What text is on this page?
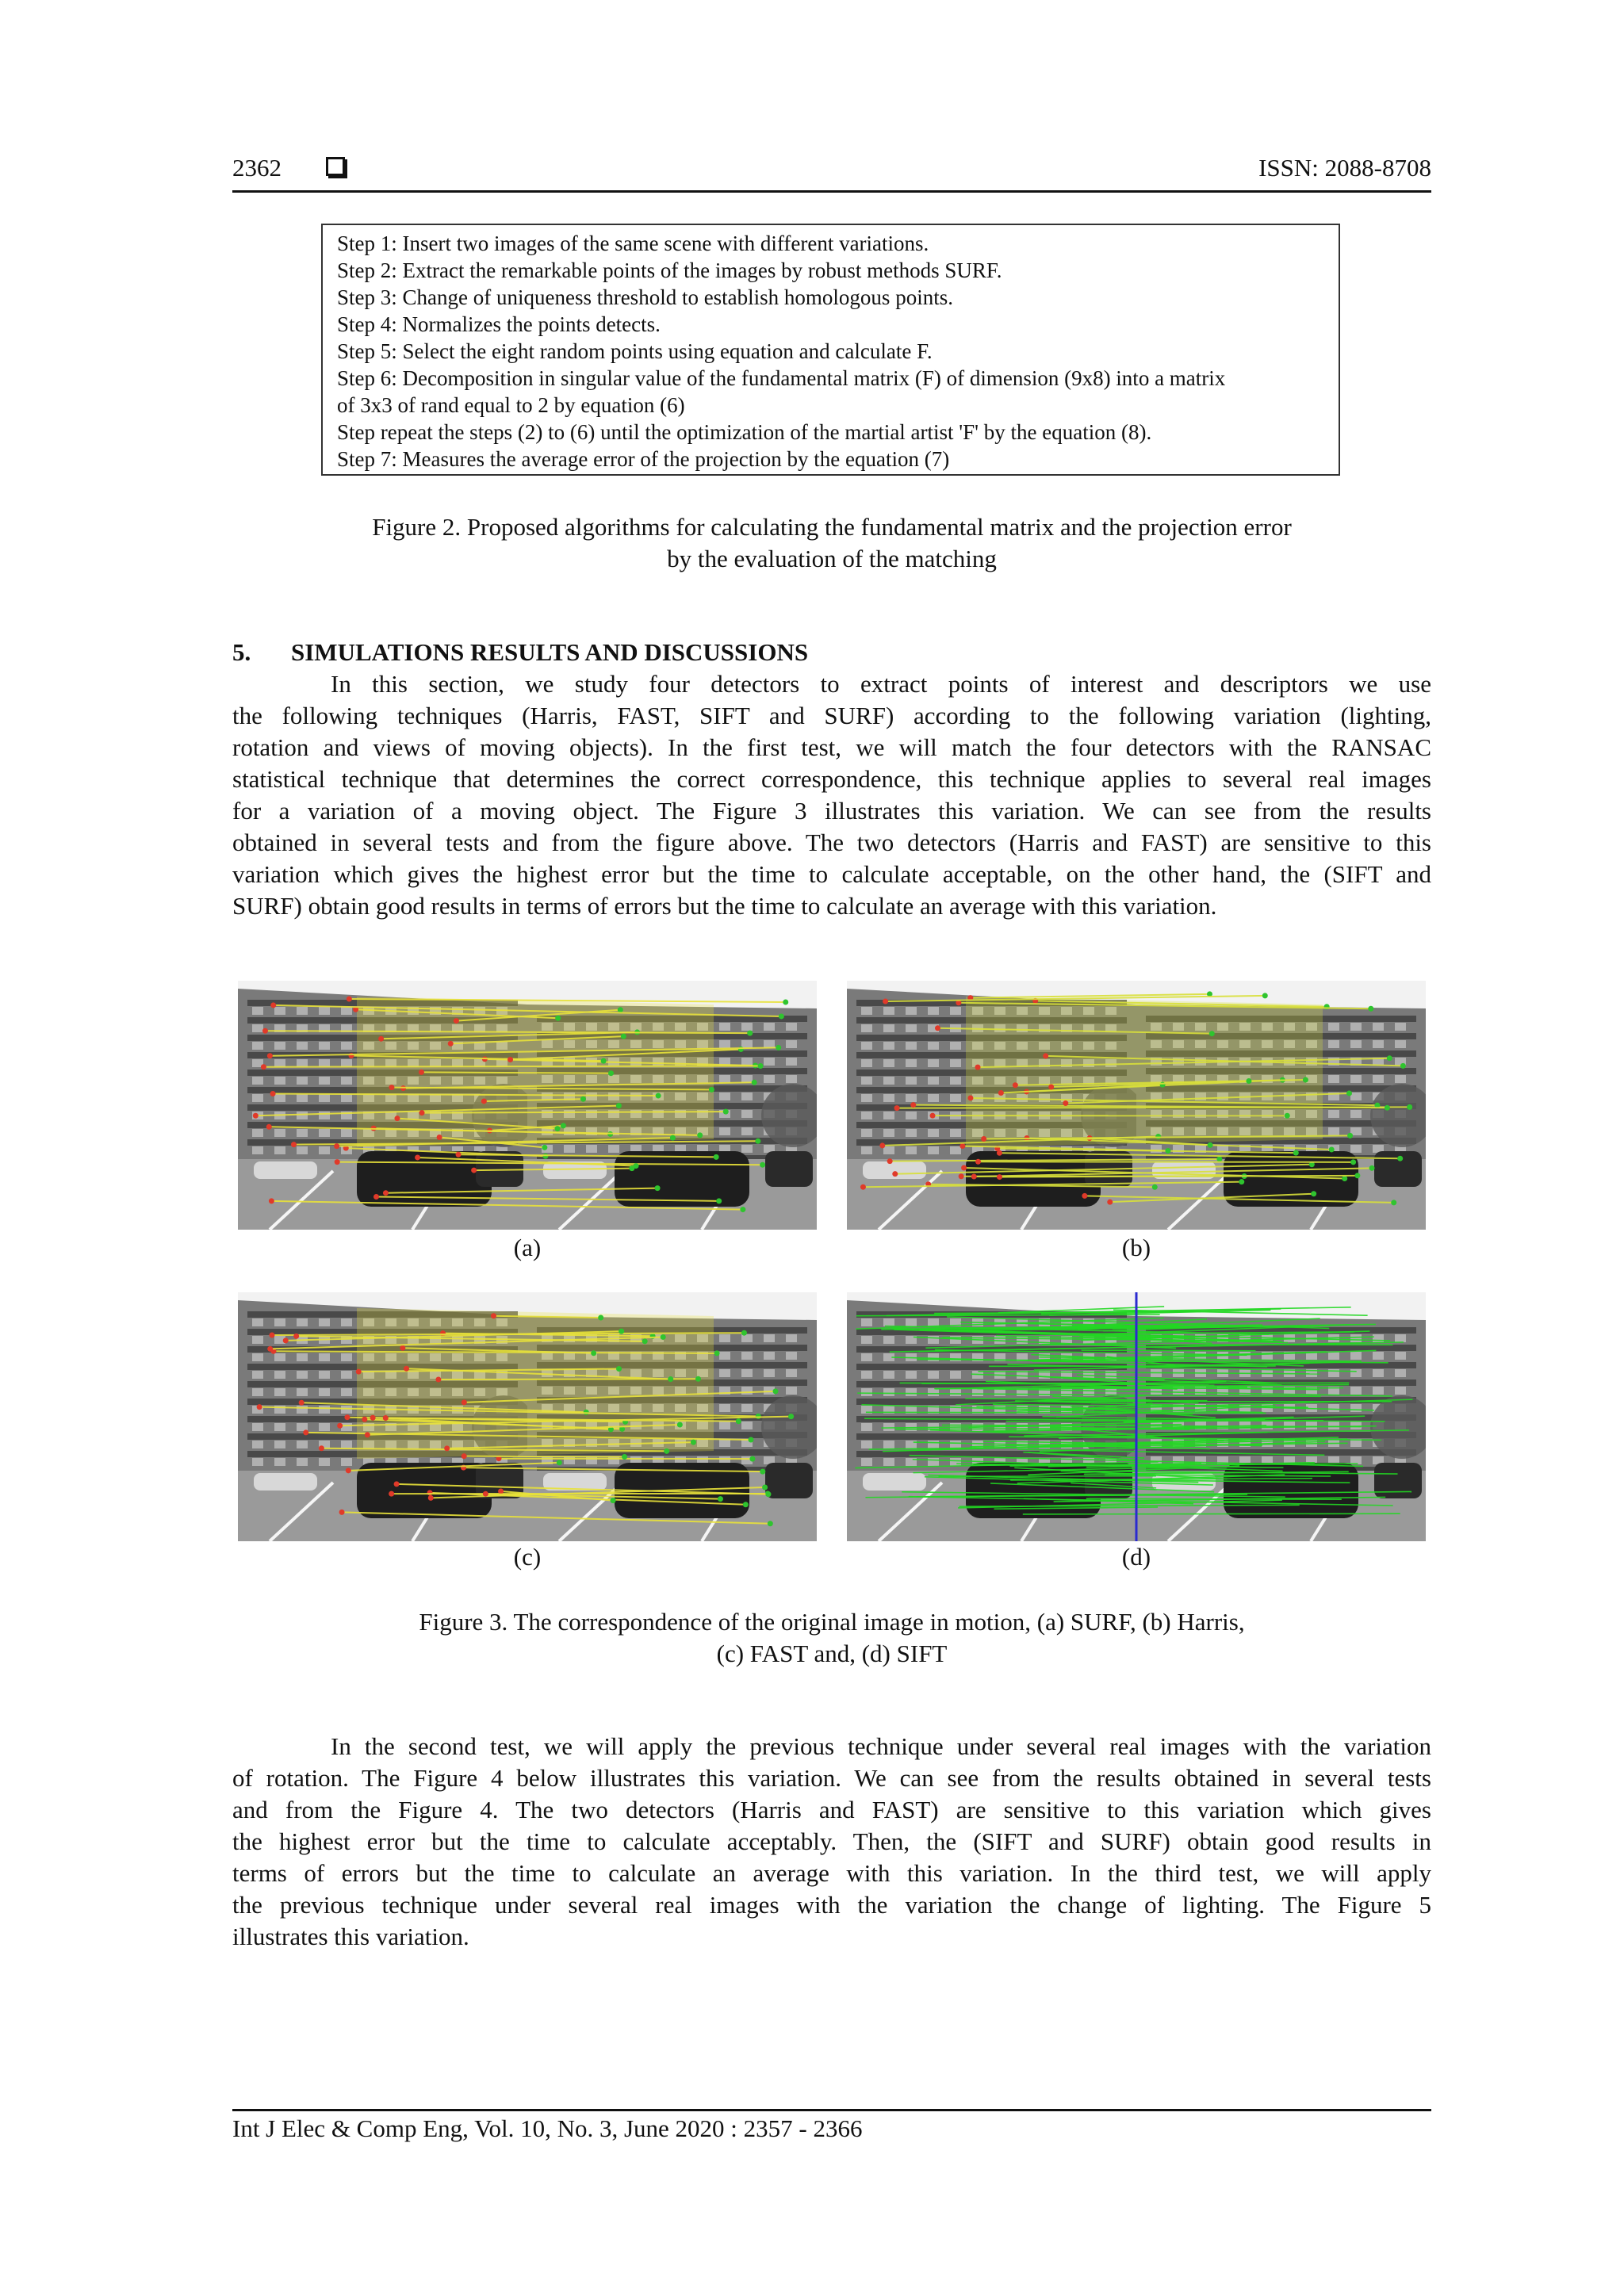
2362	ISSN: 2088-8708
Step 1: Insert two images of the same scene with different variations.
Step 2: Extract the remarkable points of the images by robust methods SURF.
Step 3: Change of uniqueness threshold to establish homologous points.
Step 4: Normalizes the points detects.
Step 5: Select the eight random points using equation and calculate F.
Step 6: Decomposition in singular value of the fundamental matrix (F) of dimension (9x8) into a matrix
of 3x3 of rand equal to 2 by equation (6)
Step repeat the steps (2) to (6) until the optimization of the martial artist 'F' by the equation (8).
Step 7: Measures the average error of the projection by the equation (7)
Figure 2. Proposed algorithms for calculating the fundamental matrix and the projection error
by the evaluation of the matching
5. SIMULATIONS RESULTS AND DISCUSSIONS
In this section, we study four detectors to extract points of interest and descriptors we use
the following techniques (Harris, FAST, SIFT and SURF) according to the following variation (lighting,
rotation and views of moving objects). In the first test, we will match the four detectors with the RANSAC
statistical technique that determines the correct correspondence, this technique applies to several real images
for a variation of a moving object. The Figure 3 illustrates this variation. We can see from the results
obtained in several tests and from the figure above. The two detectors (Harris and FAST) are sensitive to this
variation which gives the highest error but the time to calculate acceptable, on the other hand, the (SIFT and
SURF) obtain good results in terms of errors but the time to calculate an average with this variation.
(a)	(b)
(c)	(d)
Figure 3. The correspondence of the original image in motion, (a) SURF, (b) Harris,
(c) FAST and, (d) SIFT
In the second test, we will apply the previous technique under several real images with the variation
of rotation. The Figure 4 below illustrates this variation. We can see from the results obtained in several tests
and from the Figure 4. The two detectors (Harris and FAST) are sensitive to this variation which gives
the highest error but the time to calculate acceptably. Then, the (SIFT and SURF) obtain good results in
terms of errors but the time to calculate an average with this variation. In the third test, we will apply
the previous technique under several real images with the variation the change of lighting. The Figure 5
illustrates this variation.
Int J Elec & Comp Eng, Vol. 10, No. 3, June 2020 : 2357 - 2366
